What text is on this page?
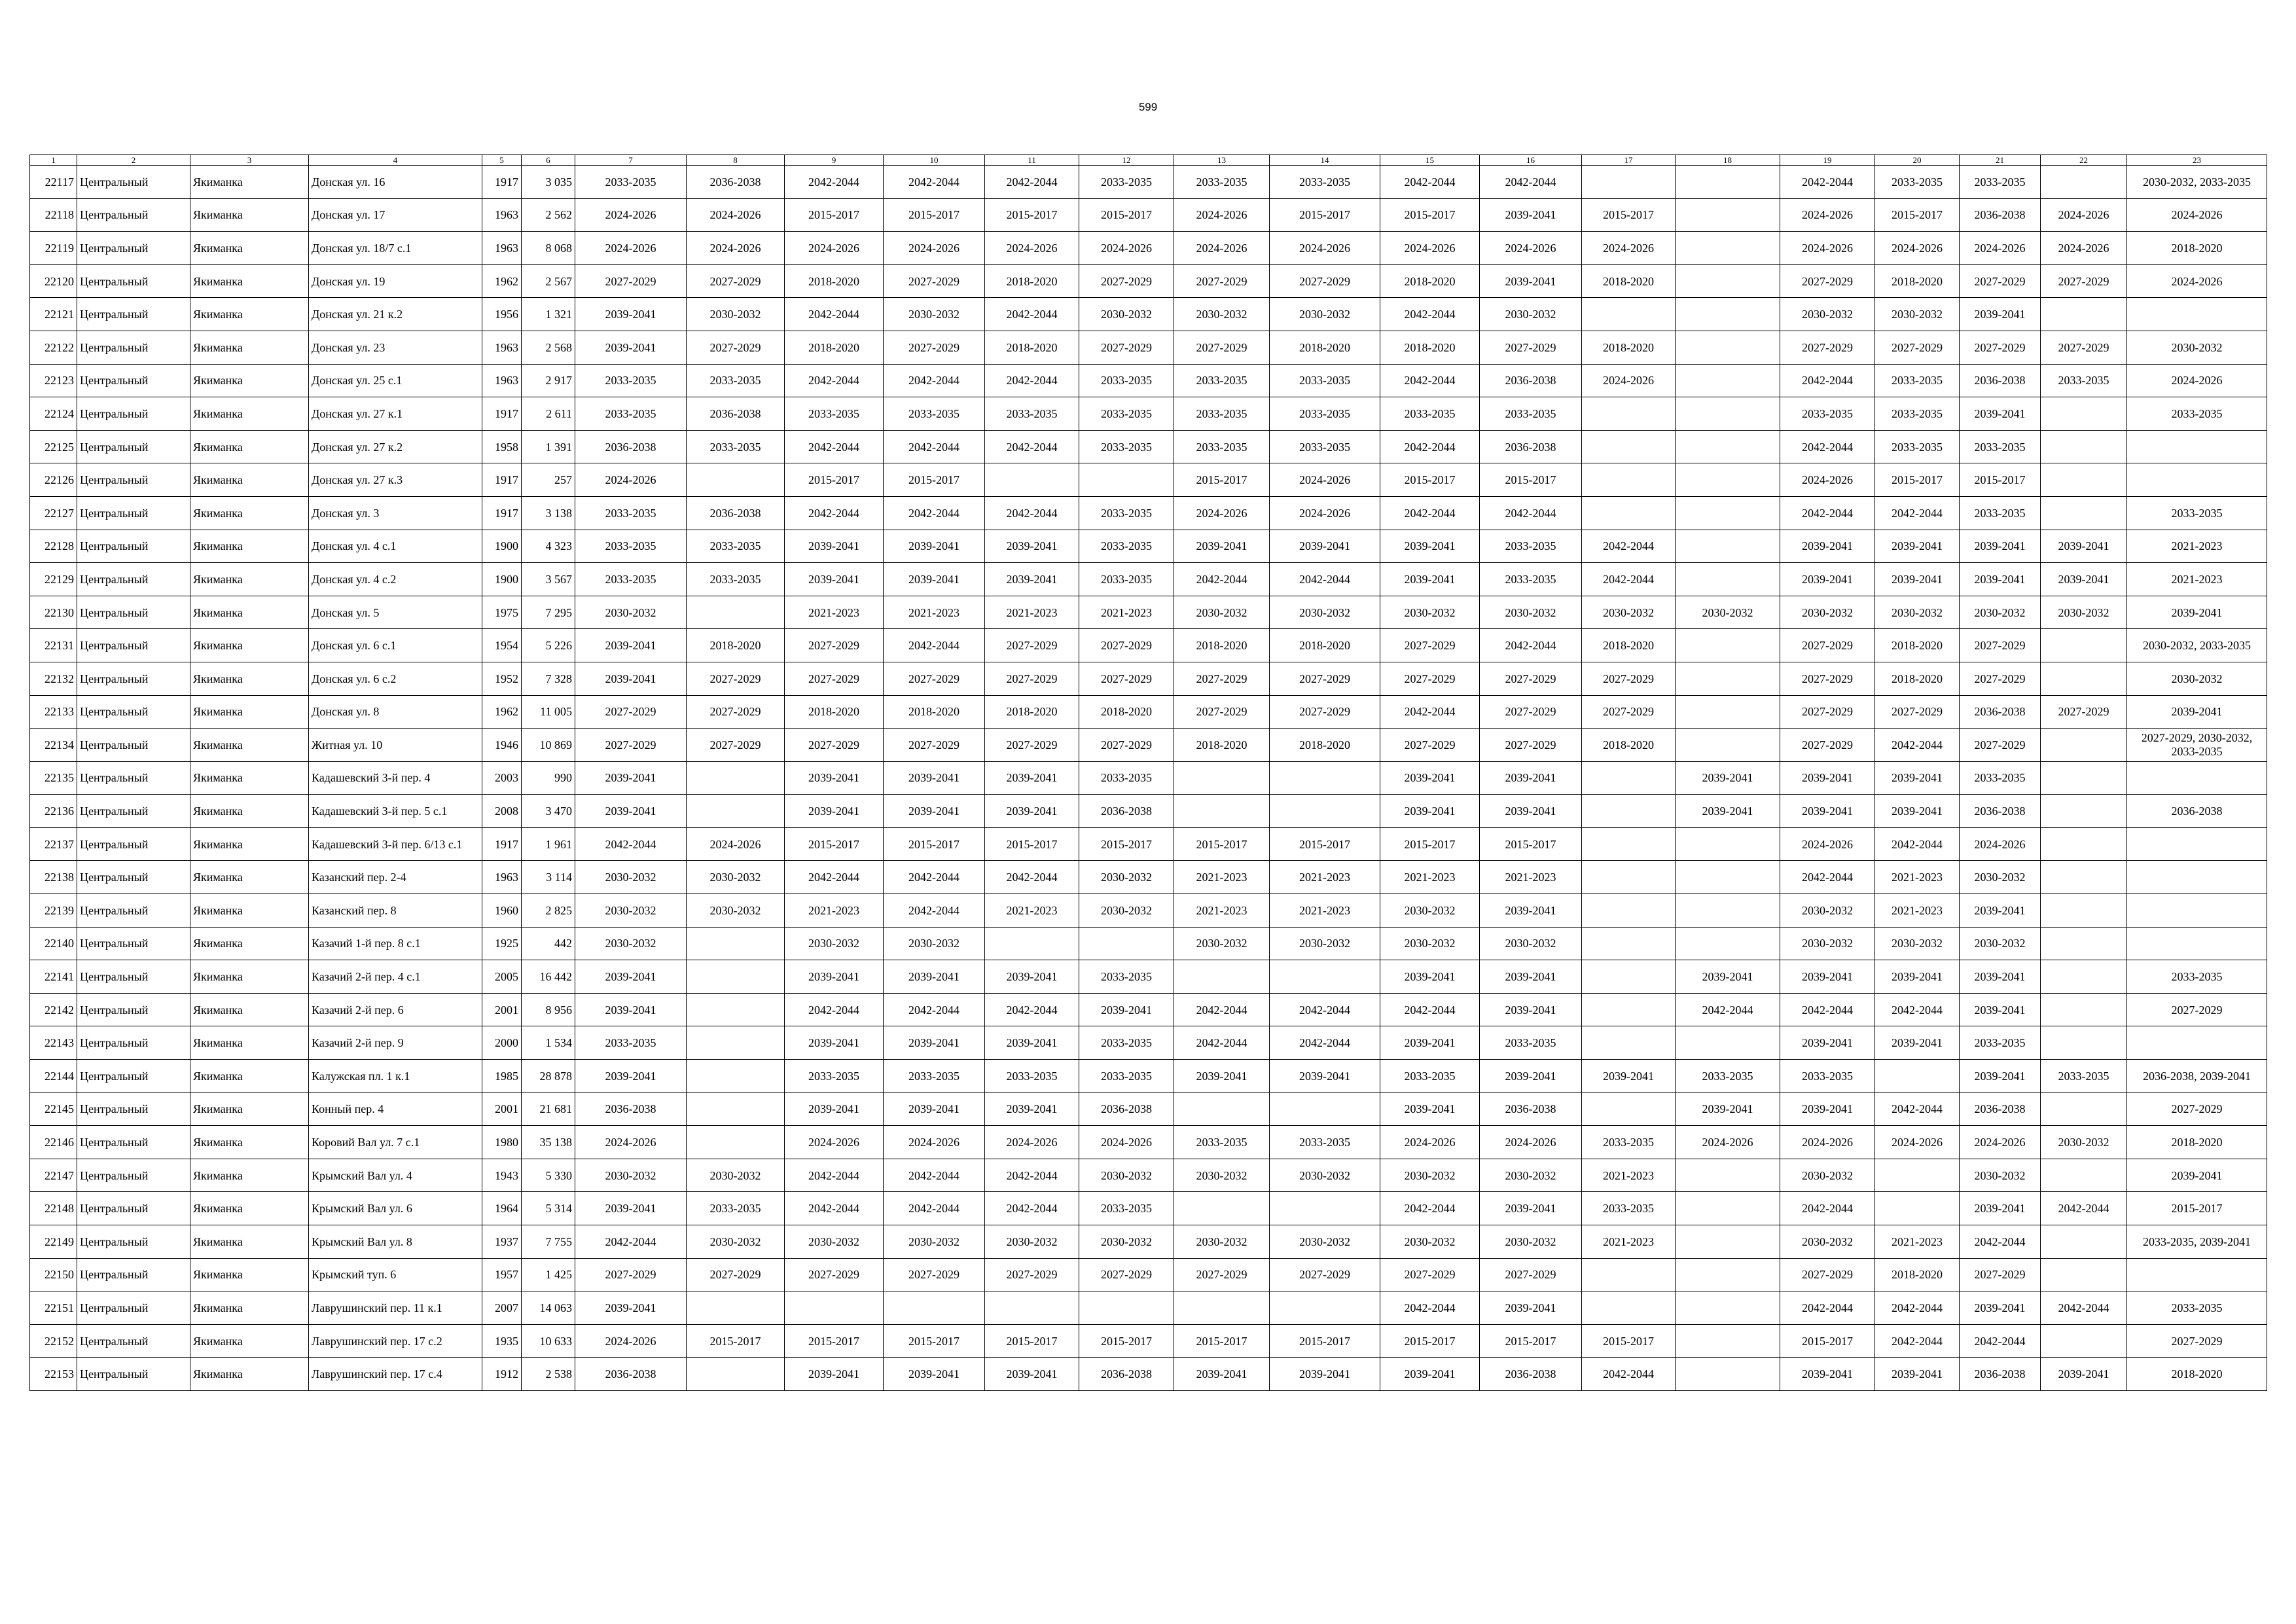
599
1	2	3	4	5	6	7	8	9	10	11	12	13	14	15	16	17	18	19	20	21	22	23
22117	Центральный	Якиманка	Донская ул. 16	1917	3 035	2033-2035	2036-2038	2042-2044	2042-2044	2042-2044	2033-2035	2033-2035	2033-2035	2042-2044	2042-2044			2042-2044	2033-2035	2033-2035		2030-2032, 2033-2035
22118	Центральный	Якиманка	Донская ул. 17	1963	2 562	2024-2026	2024-2026	2015-2017	2015-2017	2015-2017	2015-2017	2024-2026	2015-2017	2015-2017	2039-2041	2015-2017		2024-2026	2015-2017	2036-2038	2024-2026	2024-2026
22119	Центральный	Якиманка	Донская ул. 18/7 с.1	1963	8 068	2024-2026	2024-2026	2024-2026	2024-2026	2024-2026	2024-2026	2024-2026	2024-2026	2024-2026	2024-2026	2024-2026		2024-2026	2024-2026	2024-2026	2024-2026	2018-2020
22120	Центральный	Якиманка	Донская ул. 19	1962	2 567	2027-2029	2027-2029	2018-2020	2027-2029	2018-2020	2027-2029	2027-2029	2027-2029	2018-2020	2039-2041	2018-2020		2027-2029	2018-2020	2027-2029	2027-2029	2024-2026
22121	Центральный	Якиманка	Донская ул. 21 к.2	1956	1 321	2039-2041	2030-2032	2042-2044	2030-2032	2042-2044	2030-2032	2030-2032	2030-2032	2042-2044	2030-2032			2030-2032	2030-2032	2039-2041		
22122	Центральный	Якиманка	Донская ул. 23	1963	2 568	2039-2041	2027-2029	2018-2020	2027-2029	2018-2020	2027-2029	2027-2029	2018-2020	2018-2020	2027-2029	2018-2020		2027-2029	2027-2029	2027-2029	2027-2029	2030-2032
22123	Центральный	Якиманка	Донская ул. 25 с.1	1963	2 917	2033-2035	2033-2035	2042-2044	2042-2044	2042-2044	2033-2035	2033-2035	2033-2035	2042-2044	2036-2038	2024-2026		2042-2044	2033-2035	2036-2038	2033-2035	2024-2026
22124	Центральный	Якиманка	Донская ул. 27 к.1	1917	2 611	2033-2035	2036-2038	2033-2035	2033-2035	2033-2035	2033-2035	2033-2035	2033-2035	2033-2035	2033-2035			2033-2035	2033-2035	2039-2041		2033-2035
22125	Центральный	Якиманка	Донская ул. 27 к.2	1958	1 391	2036-2038	2033-2035	2042-2044	2042-2044	2042-2044	2033-2035	2033-2035	2033-2035	2042-2044	2036-2038			2042-2044	2033-2035	2033-2035		
22126	Центральный	Якиманка	Донская ул. 27 к.3	1917	257	2024-2026		2015-2017	2015-2017			2015-2017	2024-2026	2015-2017	2015-2017			2024-2026	2015-2017	2015-2017		
22127	Центральный	Якиманка	Донская ул. 3	1917	3 138	2033-2035	2036-2038	2042-2044	2042-2044	2042-2044	2033-2035	2024-2026	2024-2026	2042-2044	2042-2044			2042-2044	2042-2044	2033-2035		2033-2035
22128	Центральный	Якиманка	Донская ул. 4 с.1	1900	4 323	2033-2035	2033-2035	2039-2041	2039-2041	2039-2041	2033-2035	2039-2041	2039-2041	2039-2041	2033-2035	2042-2044		2039-2041	2039-2041	2039-2041	2039-2041	2021-2023
22129	Центральный	Якиманка	Донская ул. 4 с.2	1900	3 567	2033-2035	2033-2035	2039-2041	2039-2041	2039-2041	2033-2035	2042-2044	2042-2044	2039-2041	2033-2035	2042-2044		2039-2041	2039-2041	2039-2041	2039-2041	2021-2023
22130	Центральный	Якиманка	Донская ул. 5	1975	7 295	2030-2032		2021-2023	2021-2023	2021-2023	2021-2023	2030-2032	2030-2032	2030-2032	2030-2032	2030-2032	2030-2032	2030-2032	2030-2032	2030-2032	2030-2032	2039-2041
22131	Центральный	Якиманка	Донская ул. 6 с.1	1954	5 226	2039-2041	2018-2020	2027-2029	2042-2044	2027-2029	2027-2029	2018-2020	2018-2020	2027-2029	2042-2044	2018-2020		2027-2029	2018-2020	2027-2029		2030-2032, 2033-2035
22132	Центральный	Якиманка	Донская ул. 6 с.2	1952	7 328	2039-2041	2027-2029	2027-2029	2027-2029	2027-2029	2027-2029	2027-2029	2027-2029	2027-2029	2027-2029	2027-2029		2027-2029	2018-2020	2027-2029		2030-2032
22133	Центральный	Якиманка	Донская ул. 8	1962	11 005	2027-2029	2027-2029	2018-2020	2018-2020	2018-2020	2018-2020	2027-2029	2027-2029	2042-2044	2027-2029	2027-2029		2027-2029	2027-2029	2036-2038	2027-2029	2039-2041
22134	Центральный	Якиманка	Житная ул. 10	1946	10 869	2027-2029	2027-2029	2027-2029	2027-2029	2027-2029	2027-2029	2018-2020	2018-2020	2027-2029	2027-2029	2018-2020		2027-2029	2042-2044	2027-2029		2027-2029, 2030-2032, 2033-2035
22135	Центральный	Якиманка	Кадашевский 3-й пер. 4	2003	990	2039-2041		2039-2041	2039-2041	2039-2041	2033-2035			2039-2041	2039-2041		2039-2041	2039-2041	2039-2041	2033-2035		
22136	Центральный	Якиманка	Кадашевский 3-й пер. 5 с.1	2008	3 470	2039-2041		2039-2041	2039-2041	2039-2041	2036-2038			2039-2041	2039-2041		2039-2041	2039-2041	2039-2041	2036-2038		2036-2038
22137	Центральный	Якиманка	Кадашевский 3-й пер. 6/13 с.1	1917	1 961	2042-2044	2024-2026	2015-2017	2015-2017	2015-2017	2015-2017	2015-2017	2015-2017	2015-2017	2015-2017			2024-2026	2042-2044	2024-2026		
22138	Центральный	Якиманка	Казанский пер. 2-4	1963	3 114	2030-2032	2030-2032	2042-2044	2042-2044	2042-2044	2030-2032	2021-2023	2021-2023	2021-2023	2021-2023			2042-2044	2021-2023	2030-2032		
22139	Центральный	Якиманка	Казанский пер. 8	1960	2 825	2030-2032	2030-2032	2021-2023	2042-2044	2021-2023	2030-2032	2021-2023	2021-2023	2030-2032	2039-2041			2030-2032	2021-2023	2039-2041		
22140	Центральный	Якиманка	Казачий 1-й пер. 8 с.1	1925	442	2030-2032		2030-2032	2030-2032			2030-2032	2030-2032	2030-2032	2030-2032			2030-2032	2030-2032	2030-2032		
22141	Центральный	Якиманка	Казачий 2-й пер. 4 с.1	2005	16 442	2039-2041		2039-2041	2039-2041	2039-2041	2033-2035			2039-2041	2039-2041		2039-2041	2039-2041	2039-2041	2039-2041		2033-2035
22142	Центральный	Якиманка	Казачий 2-й пер. 6	2001	8 956	2039-2041		2042-2044	2042-2044	2042-2044	2039-2041	2042-2044	2042-2044	2042-2044	2039-2041		2042-2044	2042-2044	2042-2044	2039-2041		2027-2029
22143	Центральный	Якиманка	Казачий 2-й пер. 9	2000	1 534	2033-2035		2039-2041	2039-2041	2039-2041	2033-2035	2042-2044	2042-2044	2039-2041	2033-2035			2039-2041	2039-2041	2033-2035		
22144	Центральный	Якиманка	Калужская пл. 1 к.1	1985	28 878	2039-2041		2033-2035	2033-2035	2033-2035	2033-2035	2039-2041	2039-2041	2033-2035	2039-2041	2039-2041	2033-2035	2033-2035		2039-2041	2033-2035	2036-2038, 2039-2041
22145	Центральный	Якиманка	Конный пер. 4	2001	21 681	2036-2038		2039-2041	2039-2041	2039-2041	2036-2038			2039-2041	2036-2038		2039-2041	2039-2041	2042-2044	2036-2038		2027-2029
22146	Центральный	Якиманка	Коровий Вал ул. 7 с.1	1980	35 138	2024-2026		2024-2026	2024-2026	2024-2026	2024-2026	2033-2035	2033-2035	2024-2026	2024-2026	2033-2035	2024-2026	2024-2026	2024-2026	2024-2026	2030-2032	2018-2020
22147	Центральный	Якиманка	Крымский Вал ул. 4	1943	5 330	2030-2032	2030-2032	2042-2044	2042-2044	2042-2044	2030-2032	2030-2032	2030-2032	2030-2032	2030-2032	2021-2023		2030-2032		2030-2032		2039-2041
22148	Центральный	Якиманка	Крымский Вал ул. 6	1964	5 314	2039-2041	2033-2035	2042-2044	2042-2044	2042-2044	2033-2035			2042-2044	2039-2041	2033-2035		2042-2044		2039-2041	2042-2044	2015-2017
22149	Центральный	Якиманка	Крымский Вал ул. 8	1937	7 755	2042-2044	2030-2032	2030-2032	2030-2032	2030-2032	2030-2032	2030-2032	2030-2032	2030-2032	2030-2032	2021-2023		2030-2032	2021-2023	2042-2044		2033-2035, 2039-2041
22150	Центральный	Якиманка	Крымский туп. 6	1957	1 425	2027-2029	2027-2029	2027-2029	2027-2029	2027-2029	2027-2029	2027-2029	2027-2029	2027-2029	2027-2029			2027-2029	2018-2020	2027-2029		
22151	Центральный	Якиманка	Лаврушинский пер. 11 к.1	2007	14 063	2039-2041								2042-2044	2039-2041			2042-2044	2042-2044	2039-2041	2042-2044	2033-2035
22152	Центральный	Якиманка	Лаврушинский пер. 17 с.2	1935	10 633	2024-2026	2015-2017	2015-2017	2015-2017	2015-2017	2015-2017	2015-2017	2015-2017	2015-2017	2015-2017	2015-2017		2015-2017	2042-2044	2042-2044		2027-2029
22153	Центральный	Якиманка	Лаврушинский пер. 17 с.4	1912	2 538	2036-2038		2039-2041	2039-2041	2039-2041	2036-2038	2039-2041	2039-2041	2039-2041	2036-2038	2042-2044		2039-2041	2039-2041	2036-2038	2039-2041	2018-2020
